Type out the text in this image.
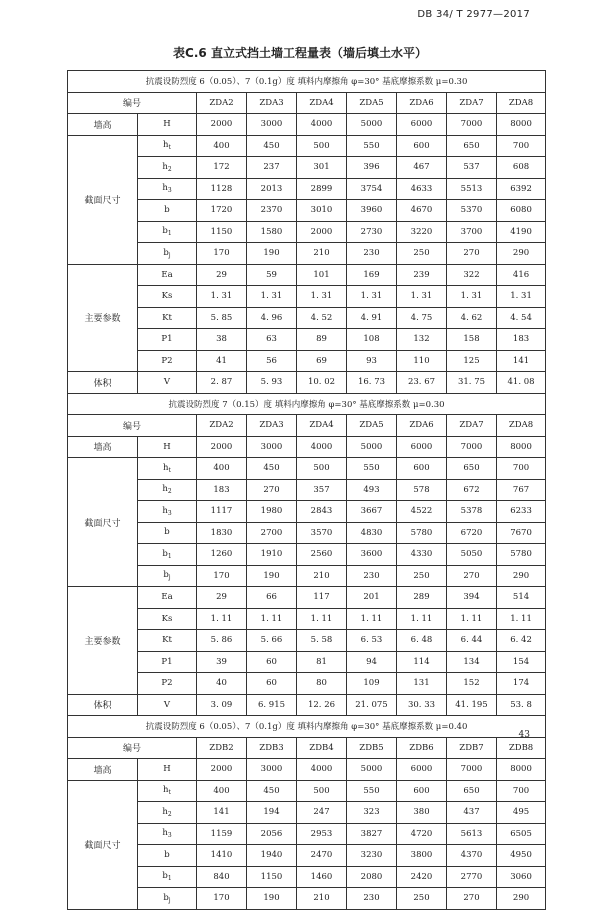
DB 34/ T 2977—2017
表C.6 直立式挡土墙工程量表（墙后填土水平）
抗震设防烈度 6（0.05）、7（0.1g）度 填料内摩擦角 φ=30° 基底摩擦系数 μ=0.30								
编号		ZDA2	ZDA3	ZDA4	ZDA5	ZDA6	ZDA7	ZDA8
墙高	H	2000	3000	4000	5000	6000	7000	8000
截面尺寸	$h_t$	400	450	500	550	600	650	700
	$h_2$	172	237	301	396	467	537	608
	$h_3$	1128	2013	2899	3754	4633	5513	6392
	b	1720	2370	3010	3960	4670	5370	6080
	$b_1$	1150	1580	2000	2730	3220	3700	4190
	$b_j$	170	190	210	230	250	270	290
主要参数	Ea	29	59	101	169	239	322	416
	Ks	1. 31	1. 31	1. 31	1. 31	1. 31	1. 31	1. 31
	Kt	5. 85	4. 96	4. 52	4. 91	4. 75	4. 62	4. 54
	P1	38	63	89	108	132	158	183
	P2	41	56	69	93	110	125	141
体积	V	2. 87	5. 93	10. 02	16. 73	23. 67	31. 75	41. 08
抗震设防烈度 7（0.15）度 填料内摩擦角 φ=30° 基底摩擦系数 μ=0.30								
编号		ZDA2	ZDA3	ZDA4	ZDA5	ZDA6	ZDA7	ZDA8
墙高	H	2000	3000	4000	5000	6000	7000	8000
截面尺寸	$h_t$	400	450	500	550	600	650	700
	$h_2$	183	270	357	493	578	672	767
	$h_3$	1117	1980	2843	3667	4522	5378	6233
	b	1830	2700	3570	4830	5780	6720	7670
	$b_1$	1260	1910	2560	3600	4330	5050	5780
	$b_j$	170	190	210	230	250	270	290
主要参数	Ea	29	66	117	201	289	394	514
	Ks	1. 11	1. 11	1. 11	1. 11	1. 11	1. 11	1. 11
	Kt	5. 86	5. 66	5. 58	6. 53	6. 48	6. 44	6. 42
	P1	39	60	81	94	114	134	154
	P2	40	60	80	109	131	152	174
体积	V	3. 09	6. 915	12. 26	21. 075	30. 33	41. 195	53. 8
抗震设防烈度 6（0.05）、7（0.1g）度 填料内摩擦角 φ=30° 基底摩擦系数 μ=0.40								
编号		ZDB2	ZDB3	ZDB4	ZDB5	ZDB6	ZDB7	ZDB8
墙高	H	2000	3000	4000	5000	6000	7000	8000
截面尺寸	$h_t$	400	450	500	550	600	650	700
	$h_2$	141	194	247	323	380	437	495
	$h_3$	1159	2056	2953	3827	4720	5613	6505
	b	1410	1940	2470	3230	3800	4370	4950
	$b_1$	840	1150	1460	2080	2420	2770	3060
	$b_j$	170	190	210	230	250	270	290
43
